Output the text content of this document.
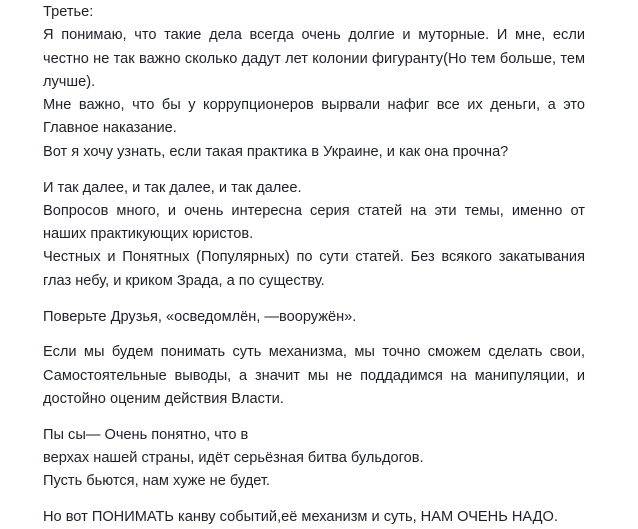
Третье:
Я понимаю, что такие дела всегда очень долгие и муторные. И мне, если честно не так важно сколько дадут лет колонии фигуранту(Но тем больше, тем лучше).
Мне важно, что бы у коррупционеров вырвали нафиг все их деньги, а это Главное наказание.
Вот я хочу узнать, если такая практика в Украине, и как она прочна?

И так далее, и так далее, и так далее.
Вопросов много, и очень интересна серия статей на эти темы, именно от наших практикующих юристов.
Честных и Понятных (Популярных) по сути статей. Без всякого закатывания глаз небу, и криком Зрада, а по существу.

Поверьте Друзья, «осведомлён, —вооружён».

Если мы будем понимать суть механизма, мы точно сможем сделать свои, Самостоятельные выводы, а значит мы не поддадимся на манипуляции, и достойно оценим действия Власти.

Пы сы— Очень понятно, что в
верхах нашей страны, идёт серьёзная битва бульдогов.
Пусть бьются, нам хуже не будет.

Но вот ПОНИМАТЬ канву событий,её механизм и суть, НАМ ОЧЕНЬ НАДО.
